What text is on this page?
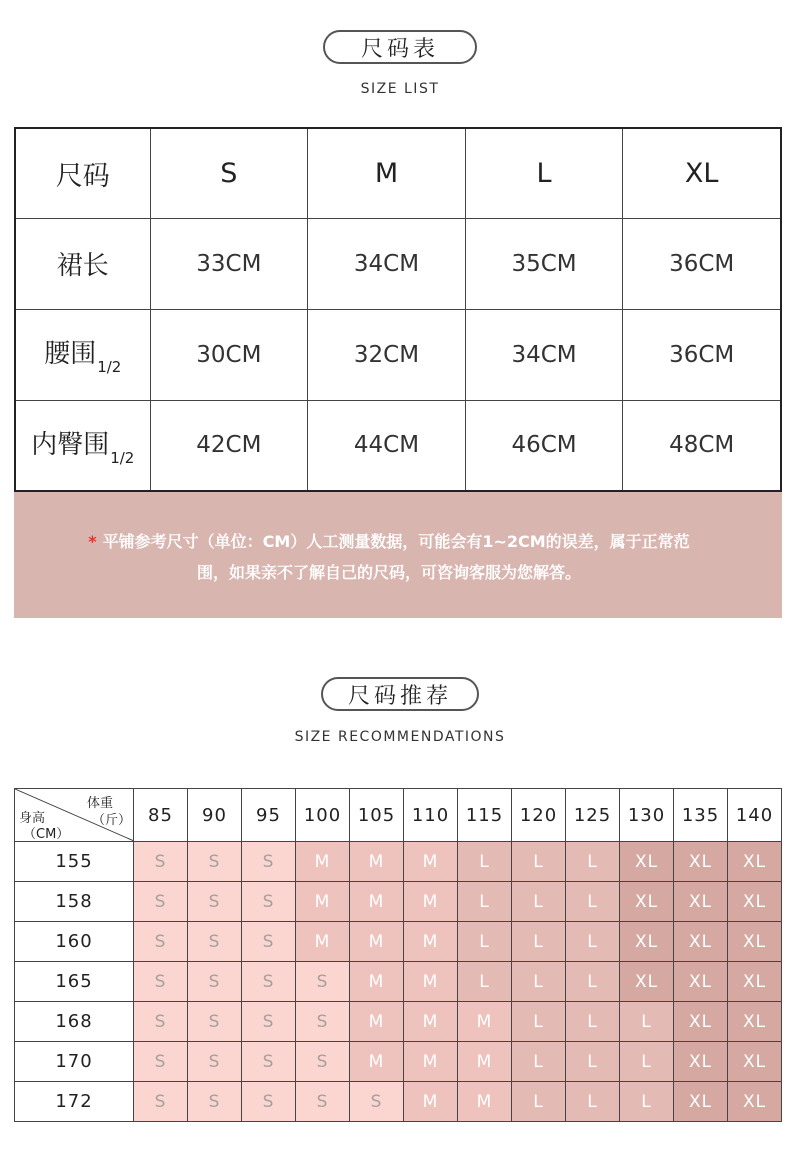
尺码表
SIZE LIST
尺码	S	M	L	XL
裙长	33CM	34CM	35CM	36CM
腰围$_{1/2}$	30CM	32CM	34CM	36CM
内臀围$_{1/2}$	42CM	44CM	46CM	48CM
* 平铺参考尺寸（单位：CM）人工测量数据，可能会有1~2CM的误差，属于正常范
围，如果亲不了解自己的尺码，可咨询客服为您解答。
尺码推荐
SIZE RECOMMENDATIONS
体重
（斤）
身高
（CM）	85	90	95	100	105	110	115	120	125	130	135	140
155	S	S	S	M	M	M	L	L	L	XL	XL	XL
158	S	S	S	M	M	M	L	L	L	XL	XL	XL
160	S	S	S	M	M	M	L	L	L	XL	XL	XL
165	S	S	S	S	M	M	L	L	L	XL	XL	XL
168	S	S	S	S	M	M	M	L	L	L	XL	XL
170	S	S	S	S	M	M	M	L	L	L	XL	XL
172	S	S	S	S	S	M	M	L	L	L	XL	XL
